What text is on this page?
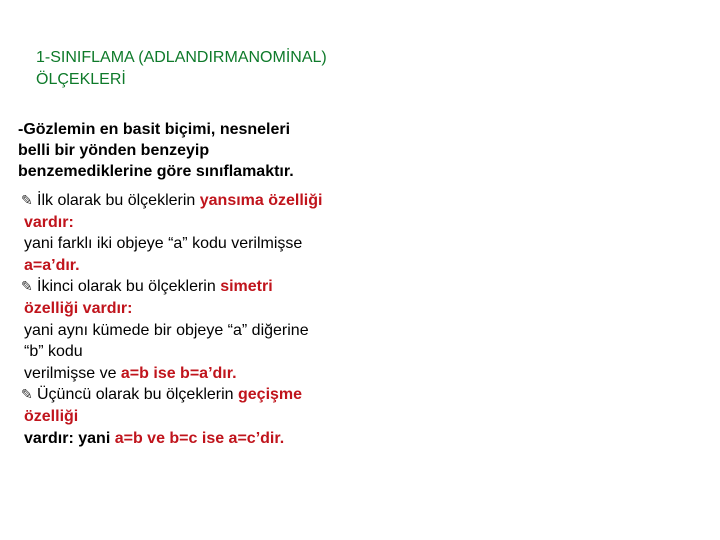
1-SINIFLAMA (ADLANDIRMANOMİNAL)
ÖLÇEKLERİ
-Gözlemin en basit biçimi, nesneleri
belli bir yönden benzeyip
benzemediklerine göre sınıflamaktır.
✎ İlk olarak bu ölçeklerin yansıma özelliği
vardır:
yani farklı iki objeye “a” kodu verilmişse
a=a’dır.
✎ İkinci olarak bu ölçeklerin simetri
özelliği vardır:
yani aynı kümede bir objeye “a” diğerine
“b” kodu
verilmişse ve a=b ise b=a’dır.
✎ Üçüncü olarak bu ölçeklerin geçişme
özelliği
vardır: yani a=b ve b=c ise a=c’dir.
